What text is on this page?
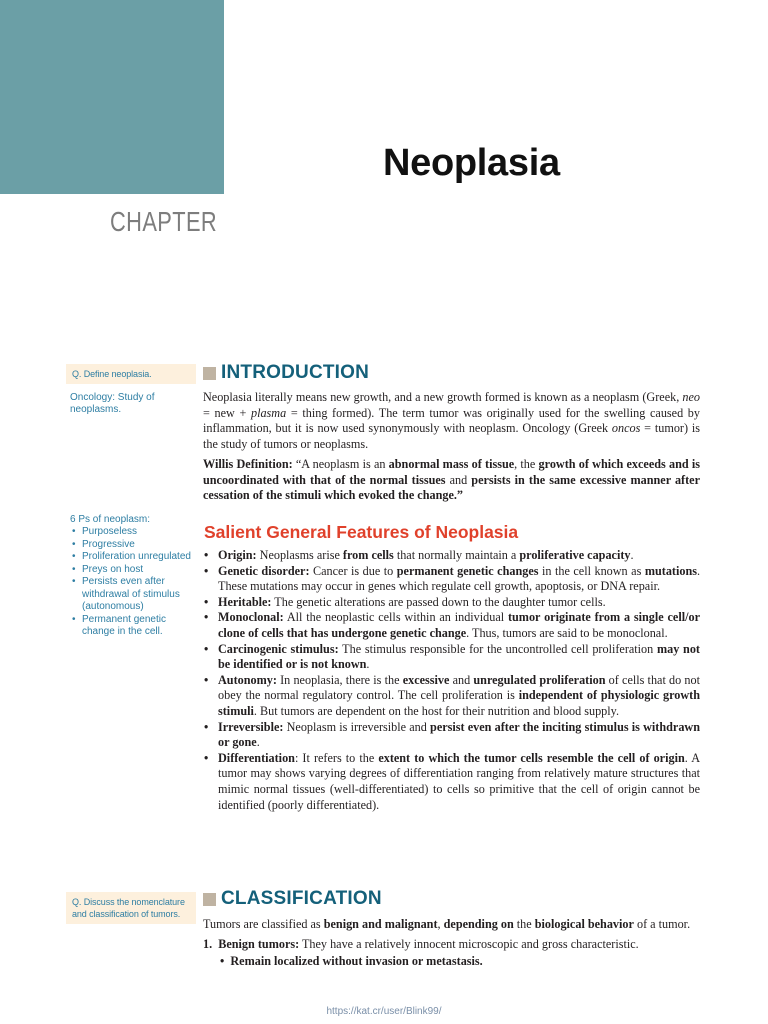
CHAPTER
Neoplasia
Q. Define neoplasia.
Oncology: Study of neoplasms.
6 Ps of neoplasm:
• Purposeless
• Progressive
• Proliferation unregulated
• Preys on host
• Persists even after withdrawal of stimulus (autonomous)
• Permanent genetic change in the cell.
Q. Discuss the nomenclature and classification of tumors.
INTRODUCTION
Neoplasia literally means new growth, and a new growth formed is known as a neoplasm (Greek, neo = new + plasma = thing formed). The term tumor was originally used for the swelling caused by inflammation, but it is now used synonymously with neoplasm. Oncology (Greek oncos = tumor) is the study of tumors or neoplasms.
Willis Definition: “A neoplasm is an abnormal mass of tissue, the growth of which exceeds and is uncoordinated with that of the normal tissues and persists in the same excessive manner after cessation of the stimuli which evoked the change.”
Salient General Features of Neoplasia
• Origin: Neoplasms arise from cells that normally maintain a proliferative capacity.
• Genetic disorder: Cancer is due to permanent genetic changes in the cell known as mutations. These mutations may occur in genes which regulate cell growth, apoptosis, or DNA repair.
• Heritable: The genetic alterations are passed down to the daughter tumor cells.
• Monoclonal: All the neoplastic cells within an individual tumor originate from a single cell/or clone of cells that has undergone genetic change. Thus, tumors are said to be monoclonal.
• Carcinogenic stimulus: The stimulus responsible for the uncontrolled cell proliferation may not be identified or is not known.
• Autonomy: In neoplasia, there is the excessive and unregulated proliferation of cells that do not obey the normal regulatory control. The cell proliferation is independent of physiologic growth stimuli. But tumors are dependent on the host for their nutrition and blood supply.
• Irreversible: Neoplasm is irreversible and persist even after the inciting stimulus is withdrawn or gone.
• Differentiation: It refers to the extent to which the tumor cells resemble the cell of origin. A tumor may shows varying degrees of differentiation ranging from relatively mature structures that mimic normal tissues (well-differentiated) to cells so primitive that the cell of origin cannot be identified (poorly differentiated).
CLASSIFICATION
Tumors are classified as benign and malignant, depending on the biological behavior of a tumor.
1. Benign tumors: They have a relatively innocent microscopic and gross characteristic.
•  Remain localized without invasion or metastasis.
https://kat.cr/user/Blink99/
